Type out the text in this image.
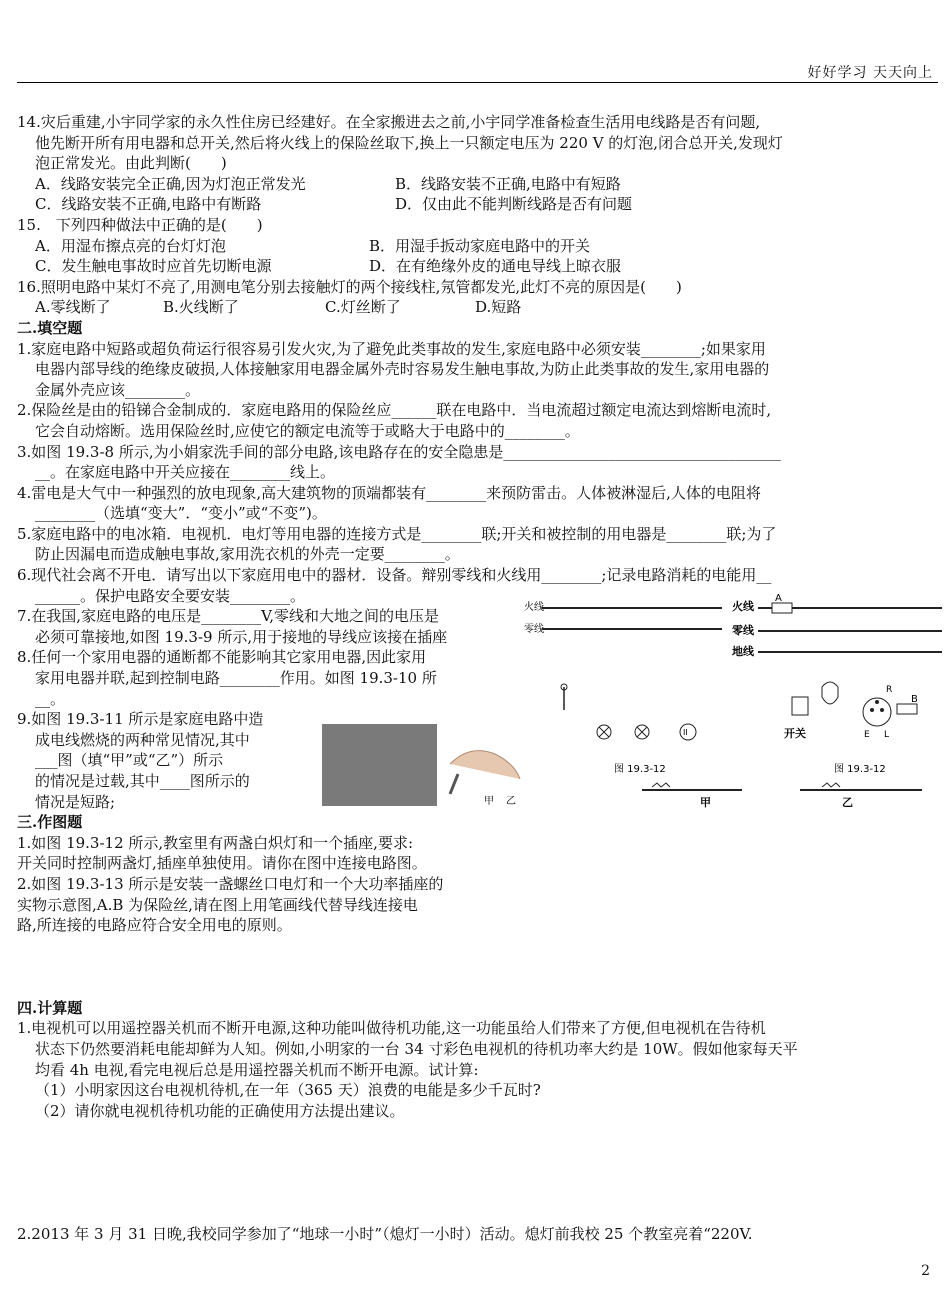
好好学习 天天向上
14.灾后重建,小宇同学家的永久性住房已经建好。在全家搬进去之前,小宇同学准备检查生活用电线路是否有问题,
他先断开所有用电器和总开关,然后将火线上的保险丝取下,换上一只额定电压为 220 V 的灯泡,闭合总开关,发现灯
泡正常发光。由此判断(　　)
A．线路安装完全正确,因为灯泡正常发光	B．线路安装不正确,电路中有短路
C．线路安装不正确,电路中有断路	D．仅由此不能判断线路是否有问题
15.　下列四种做法中正确的是(　　)
A．用湿布擦点亮的台灯灯泡	B．用湿手扳动家庭电路中的开关
C．发生触电事故时应首先切断电源	D．在有绝缘外皮的通电导线上晾衣服
16.照明电路中某灯不亮了,用测电笔分别去接触灯的两个接线柱,氖管都发光,此灯不亮的原因是(　　)
A.零线断了	B.火线断了	C.灯丝断了	D.短路
二.填空题
1.家庭电路中短路或超负荷运行很容易引发火灾,为了避免此类事故的发生,家庭电路中必须安装________;如果家用
电器内部导线的绝缘皮破损,人体接触家用电器金属外壳时容易发生触电事故,为防止此类事故的发生,家用电器的
金属外壳应该________。
2.保险丝是由的铅锑合金制成的．家庭电路用的保险丝应______联在电路中．当电流超过额定电流达到熔断电流时,
它会自动熔断。选用保险丝时,应使它的额定电流等于或略大于电路中的________。
3.如图 19.3-8 所示,为小娟家洗手间的部分电路,该电路存在的安全隐患是_____________________________________
__。在家庭电路中开关应接在________线上。
4.雷电是大气中一种强烈的放电现象,高大建筑物的顶端都装有________来预防雷击。人体被淋湿后,人体的电阻将
________（选填“变大”．“变小”或“不变”)。
5.家庭电路中的电冰箱．电视机．电灯等用电器的连接方式是________联;开关和被控制的用电器是________联;为了
防止因漏电而造成触电事故,家用洗衣机的外壳一定要________。
6.现代社会离不开电．请写出以下家庭用电中的器材．设备。辩别零线和火线用________;记录电路消耗的电能用__
______。保护电路安全要安装________。
7.在我国,家庭电路的电压是________V,零线和大地之间的电压是
必须可靠接地,如图 19.3-9 所示,用于接地的导线应该接在插座
8.任何一个家用电器的通断都不能影响其它家用电器,因此家用
家用电器并联,起到控制电路________作用。如图 19.3-10 所
__。
9.如图 19.3-11 所示是家庭电路中造
成电线燃烧的两种常见情况,其中
___图（填“甲”或“乙”）所示
的情况是过载,其中____图所示的
情况是短路;
三.作图题
1.如图 19.3-12 所示,教室里有两盏白炽灯和一个插座,要求:
开关同时控制两盏灯,插座单独使用。请你在图中连接电路图。
2.如图 19.3-13 所示是安装一盏螺丝口电灯和一个大功率插座的
实物示意图,A.B 为保险丝,请在图上用笔画线代替导线连接电
路,所连接的电路应符合安全用电的原则。
四.计算题
1.电视机可以用遥控器关机而不断开电源,这种功能叫做待机功能,这一功能虽给人们带来了方便,但电视机在告待机
状态下仍然要消耗电能却鲜为人知。例如,小明家的一台 34 寸彩色电视机的待机功率大约是 10W。假如他家每天平
均看 4h 电视,看完电视后总是用遥控器关机而不断开电源。试计算:
（1）小明家因这台电视机待机,在一年（365 天）浪费的电能是多少千瓦时?
（2）请你就电视机待机功能的正确使用方法提出建议。
2.2013 年 3 月 31 日晚,我校同学参加了“地球一小时”（熄灯一小时）活动。熄灯前我校 25 个教室亮着“220V.
火线
零线
火线
A
零线
地线
II
图 19.3-12
开关	E L
R
B
图 19.3-12
甲	乙
甲 乙
2
